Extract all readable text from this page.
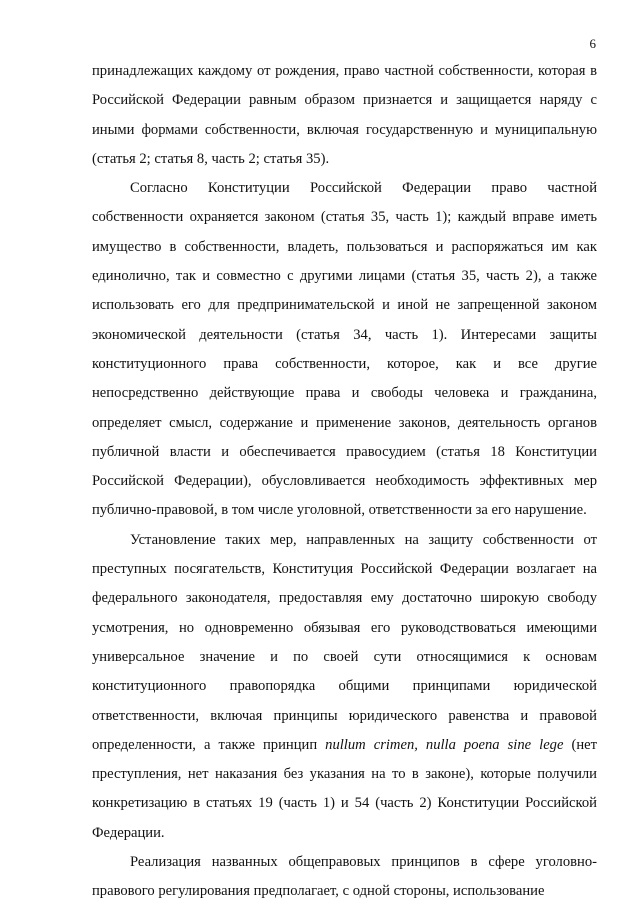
6

принадлежащих каждому от рождения, право частной собственности, которая в Российской Федерации равным образом признается и защищается наряду с иными формами собственности, включая государственную и муниципальную (статья 2; статья 8, часть 2; статья 35).

Согласно Конституции Российской Федерации право частной собственности охраняется законом (статья 35, часть 1); каждый вправе иметь имущество в собственности, владеть, пользоваться и распоряжаться им как единолично, так и совместно с другими лицами (статья 35, часть 2), а также использовать его для предпринимательской и иной не запрещенной законом экономической деятельности (статья 34, часть 1). Интересами защиты конституционного права собственности, которое, как и все другие непосредственно действующие права и свободы человека и гражданина, определяет смысл, содержание и применение законов, деятельность органов публичной власти и обеспечивается правосудием (статья 18 Конституции Российской Федерации), обусловливается необходимость эффективных мер публично-правовой, в том числе уголовной, ответственности за его нарушение.

Установление таких мер, направленных на защиту собственности от преступных посягательств, Конституция Российской Федерации возлагает на федерального законодателя, предоставляя ему достаточно широкую свободу усмотрения, но одновременно обязывая его руководствоваться имеющими универсальное значение и по своей сути относящимися к основам конституционного правопорядка общими принципами юридической ответственности, включая принципы юридического равенства и правовой определенности, а также принцип nullum crimen, nulla poena sine lege (нет преступления, нет наказания без указания на то в законе), которые получили конкретизацию в статьях 19 (часть 1) и 54 (часть 2) Конституции Российской Федерации.

Реализация названных общеправовых принципов в сфере уголовно-правового регулирования предполагает, с одной стороны, использование
